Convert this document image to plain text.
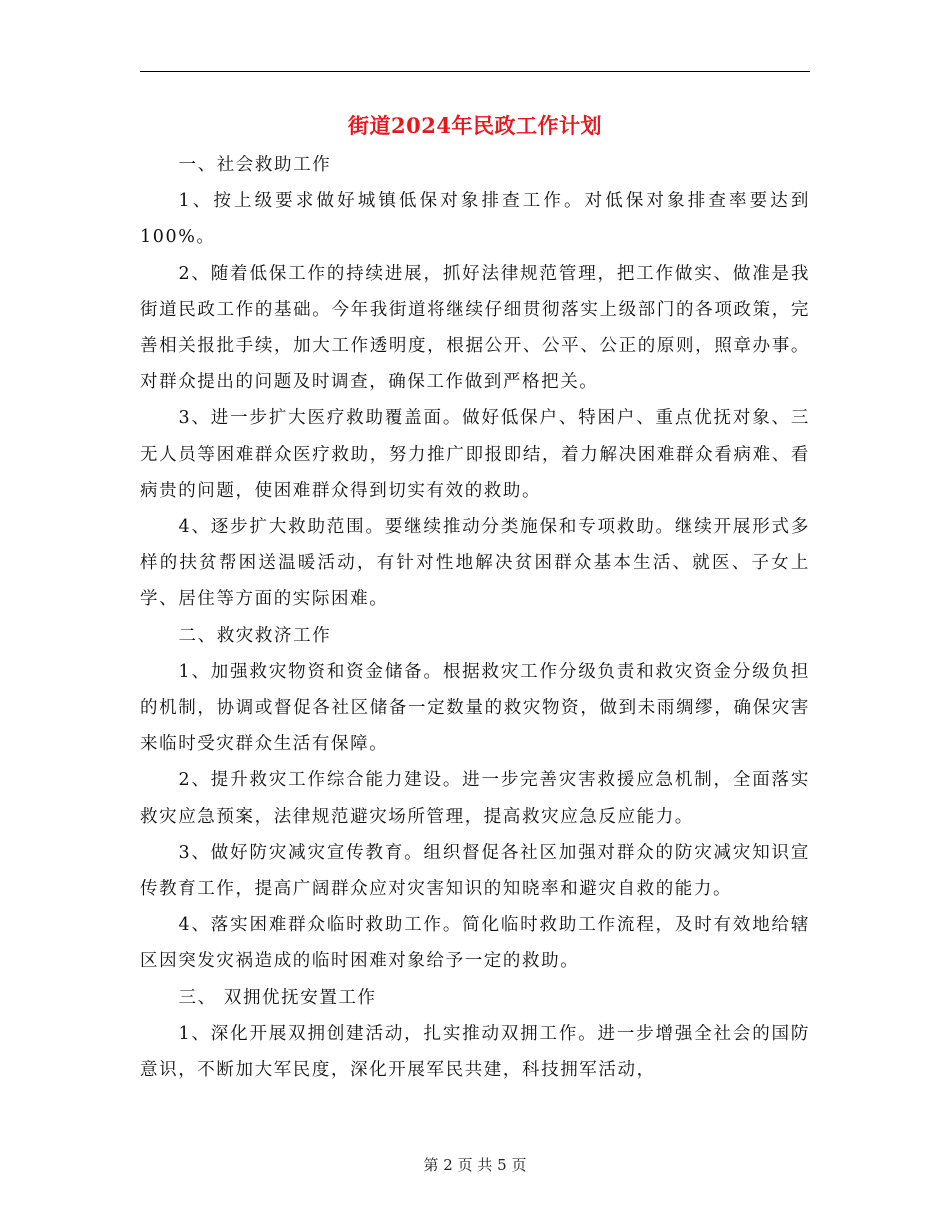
街道2024年民政工作计划

一、社会救助工作

1、按上级要求做好城镇低保对象排查工作。对低保对象排查率要达到100%。

2、随着低保工作的持续进展，抓好法律规范管理，把工作做实、做准是我街道民政工作的基础。今年我街道将继续仔细贯彻落实上级部门的各项政策，完善相关报批手续，加大工作透明度，根据公开、公平、公正的原则，照章办事。对群众提出的问题及时调查，确保工作做到严格把关。

3、进一步扩大医疗救助覆盖面。做好低保户、特困户、重点优抚对象、三无人员等困难群众医疗救助，努力推广即报即结，着力解决困难群众看病难、看病贵的问题，使困难群众得到切实有效的救助。

4、逐步扩大救助范围。要继续推动分类施保和专项救助。继续开展形式多样的扶贫帮困送温暖活动，有针对性地解决贫困群众基本生活、就医、子女上学、居住等方面的实际困难。

二、救灾救济工作

1、加强救灾物资和资金储备。根据救灾工作分级负责和救灾资金分级负担的机制，协调或督促各社区储备一定数量的救灾物资，做到未雨绸缪，确保灾害来临时受灾群众生活有保障。

2、提升救灾工作综合能力建设。进一步完善灾害救援应急机制，全面落实救灾应急预案，法律规范避灾场所管理，提高救灾应急反应能力。

3、做好防灾减灾宣传教育。组织督促各社区加强对群众的防灾减灾知识宣传教育工作，提高广阔群众应对灾害知识的知晓率和避灾自救的能力。

4、落实困难群众临时救助工作。简化临时救助工作流程，及时有效地给辖区因突发灾祸造成的临时困难对象给予一定的救助。

三、 双拥优抚安置工作

1、深化开展双拥创建活动，扎实推动双拥工作。进一步增强全社会的国防意识，不断加大军民度，深化开展军民共建，科技拥军活动，

第 2 页 共 5 页
